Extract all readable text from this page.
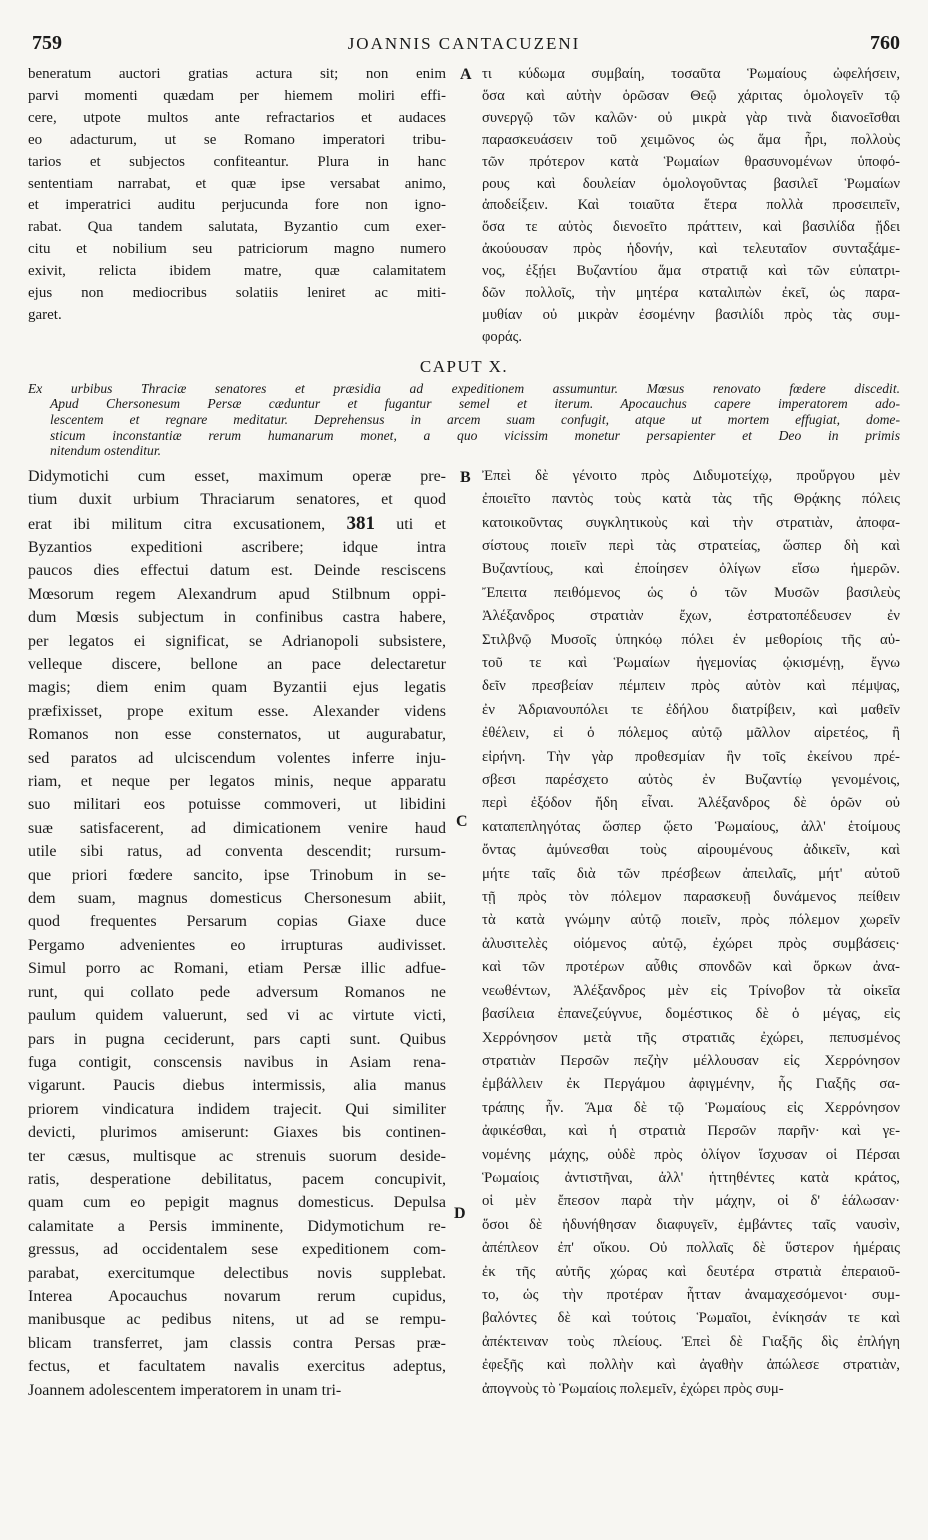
759	JOANNIS CANTACUZENI	760
beneratum auctori gratias actura sit; non enim
parvi momenti quædam per hiemem moliri effi-
cere, utpote multos ante refractarios et audaces
eo adacturum, ut se Romano imperatori tribu-
tarios et subjectos confiteantur. Plura in hanc
sententiam narrabat, et quæ ipse versabat animo,
et imperatrici auditu perjucunda fore non igno-
rabat. Qua tandem salutata, Byzantio cum exer-
citu et nobilium seu patriciorum magno numero
exivit, relicta ibidem matre, quæ calamitatem
ejus non mediocribus solatiis leniret ac miti-
garet.
A τι κύδωμα συμβαίη, τοσαῦτα Ῥωμαίους ὠφελήσειν,
ὅσα καὶ αὐτὴν ὁρῶσαν Θεῷ χάριτας ὁμολογεῖν τῷ
συνεργῷ τῶν καλῶν· οὐ μικρὰ γὰρ τινὰ διανοεῖσθαι
παρασκευάσειν τοῦ χειμῶνος ὡς ἅμα ἦρι, πολλοὺς
τῶν πρότερον κατὰ Ῥωμαίων θρασυνομένων ὑποφό-
ρους καὶ δουλείαν ὁμολογοῦντας βασιλεῖ Ῥωμαίων
ἀποδείξειν. Καὶ τοιαῦτα ἕτερα πολλὰ προσειπεῖν,
ὅσα τε αὐτὸς διενοεῖτο πράττειν, καὶ βασιλίδα ᾔδει
ἀκούουσαν πρὸς ἡδονήν, καὶ τελευταῖον συνταξάμε-
νος, ἐξῄει Βυζαντίου ἅμα στρατιᾷ καὶ τῶν εὐπατρι-
δῶν πολλοῖς, τὴν μητέρα καταλιπὼν ἐκεῖ, ὡς παρα-
μυθίαν οὐ μικρὰν ἐσομένην βασιλίδι πρὸς τὰς συμ-
φοράς.
CAPUT X.
Ex urbibus Thraciæ senatores et præsidia ad expeditionem assumuntur. Mœsus renovato fœdere discedit.
Apud Chersonesum Persæ cæduntur et fugantur semel et iterum. Apocauchus capere imperatorem ado-
lescentem et regnare meditatur. Deprehensus in arcem suam confugit, atque ut mortem effugiat, dome-
sticum inconstantiæ rerum humanarum monet, a quo vicissim monetur persapienter et Deo in primis
nitendum ostenditur.
Didymotichi cum esset, maximum operæ pre-
tium duxit urbium Thraciarum senatores, et quod
erat ibi militum citra excusationem, 381 uti et
Byzantios expeditioni ascribere; idque intra
paucos dies effectui datum est. Deinde resciscens
Mœsorum regem Alexandrum apud Stilbnum oppi-
dum Mœsis subjectum in confinibus castra habere,
per legatos ei significat, se Adrianopoli subsistere,
velleque discere, bellone an pace delectaretur
magis; diem enim quam Byzantii ejus legatis
præfixisset, prope exitum esse. Alexander videns
Romanos non esse consternatos, ut augurabatur,
sed paratos ad ulciscendum volentes inferre inju-
riam, et neque per legatos minis, neque apparatu
suo militari eos potuisse commoveri, ut libidini
suæ satisfacerent, ad dimicationem venire haud
utile sibi ratus, ad conventa descendit; rursum-
que priori fœdere sancito, ipse Trinobum in se-
dem suam, magnus domesticus Chersonesum abiit,
quod frequentes Persarum copias Giaxe duce
Pergamo advenientes eo irrupturas audivisset.
Simul porro ac Romani, etiam Persæ illic adfue-
runt, qui collato pede adversum Romanos ne
paulum quidem valuerunt, sed vi ac virtute victi,
pars in pugna ceciderunt, pars capti sunt. Quibus
fuga contigit, conscensis navibus in Asiam rena-
vigarunt. Paucis diebus intermissis, alia manus
priorem vindicatura indidem trajecit. Qui similiter
devicti, plurimos amiserunt: Giaxes bis continen-
ter cæsus, multisque ac strenuis suorum deside-
ratis, desperatione debilitatus, pacem concupivit,
quam cum eo pepigit magnus domesticus. Depulsa
calamitate a Persis imminente, Didymotichum re-
gressus, ad occidentalem sese expeditionem com-
parabat, exercitumque delectibus novis supplebat.
Interea Apocauchus novarum rerum cupidus,
manibusque ac pedibus nitens, ut ad se rempu-
blicam transferret, jam classis contra Persas præ-
fectus, et facultatem navalis exercitus adeptus,
Joannem adolescentem imperatorem in unam tri-
B
C
D
Ἐπεὶ δὲ γένοιτο πρὸς Διδυμοτείχῳ, προὔργου μὲν
ἐποιεῖτο παντὸς τοὺς κατὰ τὰς τῆς Θρᾴκης πόλεις
κατοικοῦντας συγκλητικοὺς καὶ τὴν στρατιὰν, ἀποφα-
σίστους ποιεῖν περὶ τὰς στρατείας, ὥσπερ δὴ καὶ
Βυζαντίους, καὶ ἐποίησεν ὀλίγων εἴσω ἡμερῶν.
Ἔπειτα πειθόμενος ὡς ὁ τῶν Μυσῶν βασιλεὺς
Ἀλέξανδρος στρατιὰν ἔχων, ἐστρατοπέδευσεν ἐν
Στιλβνῷ Μυσοῖς ὑπηκόῳ πόλει ἐν μεθορίοις τῆς αὐ-
τοῦ τε καὶ Ῥωμαίων ἡγεμονίας ᾠκισμένῃ, ἔγνω
δεῖν πρεσβείαν πέμπειν πρὸς αὐτὸν καὶ πέμψας,
ἐν Ἀδριανουπόλει τε ἐδήλου διατρίβειν, καὶ μαθεῖν
ἐθέλειν, εἰ ὁ πόλεμος αὐτῷ μᾶλλον αἱρετέος, ἢ
εἰρήνη. Τὴν γὰρ προθεσμίαν ἣν τοῖς ἐκείνου πρέ-
σβεσι παρέσχετο αὐτὸς ἐν Βυζαντίῳ γενομένοις,
περὶ ἐξόδον ἤδη εἶναι. Ἀλέξανδρος δὲ ὁρῶν οὐ
καταπεπληγότας ὥσπερ ᾤετο Ῥωμαίους, ἀλλ' ἑτοίμους
ὄντας ἀμύνεσθαι τοὺς αἱρουμένους ἀδικεῖν, καὶ
μήτε ταῖς διὰ τῶν πρέσβεων ἀπειλαῖς, μήτ' αὐτοῦ
τῇ πρὸς τὸν πόλεμον παρασκευῇ δυνάμενος πείθειν
τὰ κατὰ γνώμην αὐτῷ ποιεῖν, πρὸς πόλεμον χωρεῖν
ἀλυσιτελὲς οἰόμενος αὐτῷ, ἐχώρει πρὸς συμβάσεις·
καὶ τῶν προτέρων αὖθις σπονδῶν καὶ ὅρκων ἀνα-
νεωθέντων, Ἀλέξανδρος μὲν εἰς Τρίνοβον τὰ οἰκεῖα
βασίλεια ἐπανεζεύγνυε, δομέστικος δὲ ὁ μέγας, εἰς
Χερρόνησον μετὰ τῆς στρατιᾶς ἐχώρει, πεπυσμένος
στρατιὰν Περσῶν πεζὴν μέλλουσαν εἰς Χερρόνησον
ἐμβάλλειν ἐκ Περγάμου ἀφιγμένην, ἧς Γιαξῆς σα-
τράπης ἦν. Ἅμα δὲ τῷ Ῥωμαίους εἰς Χερρόνησον
ἀφικέσθαι, καὶ ἡ στρατιὰ Περσῶν παρῆν· καὶ γε-
νομένης μάχης, οὐδὲ πρὸς ὀλίγον ἴσχυσαν οἱ Πέρσαι
Ῥωμαίοις ἀντιστῆναι, ἀλλ' ἡττηθέντες κατὰ κράτος,
οἱ μὲν ἔπεσον παρὰ τὴν μάχην, οἱ δ' ἑάλωσαν·
ὅσοι δὲ ἠδυνήθησαν διαφυγεῖν, ἐμβάντες ταῖς ναυσὶν,
ἀπέπλεον ἐπ' οἴκου. Οὐ πολλαῖς δὲ ὕστερον ἡμέραις
ἐκ τῆς αὐτῆς χώρας καὶ δευτέρα στρατιὰ ἐπεραιοῦ-
το, ὡς τὴν προτέραν ἧτταν ἀναμαχεσόμενοι· συμ-
βαλόντες δὲ καὶ τούτοις Ῥωμαῖοι, ἐνίκησάν τε καὶ
ἀπέκτειναν τοὺς πλείους. Ἐπεὶ δὲ Γιαξῆς δὶς ἐπλήγη
ἐφεξῆς καὶ πολλὴν καὶ ἀγαθὴν ἀπώλεσε στρατιὰν,
ἀπογνοὺς τὸ Ῥωμαίοις πολεμεῖν, ἐχώρει πρὸς συμ-
